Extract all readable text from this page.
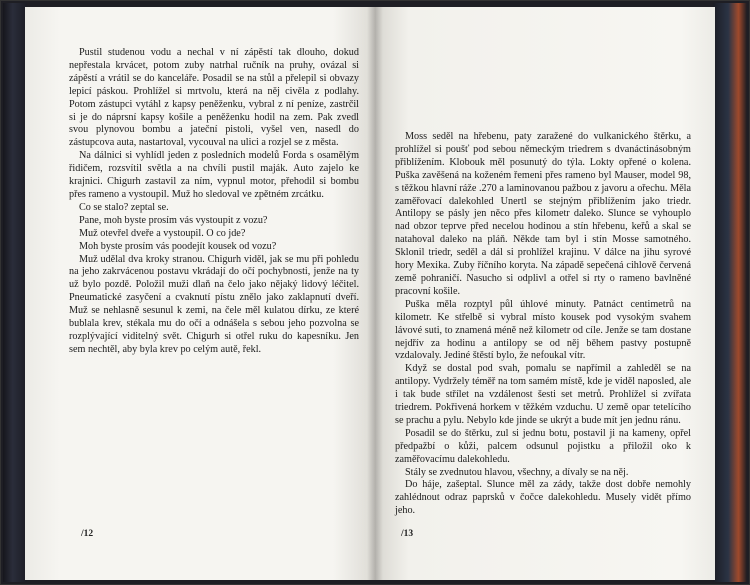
Pustil studenou vodu a nechal v ní zápěstí tak dlouho, dokud nepřestala krvácet, potom zuby natrhal ručník na pruhy, ovázal si zápěstí a vrátil se do kanceláře. Posadil se na stůl a přelepil si obvazy lepicí páskou. Prohlížel si mrtvolu, která na něj civěla z podlahy. Potom zástupci vytáhl z kapsy peněženku, vybral z ní peníze, zastrčil si je do náprsní kapsy košile a peněženku hodil na zem. Pak zvedl svou plynovou bombu a jateční pistoli, vyšel ven, nasedl do zástupcova auta, nastartoval, vycouval na ulici a rozjel se z města.

Na dálnici si vyhlídl jeden z posledních modelů Forda s osamělým řidičem, rozsvítil světla a na chvíli pustil maják. Auto zajelo ke krajnici. Chigurh zastavil za ním, vypnul motor, přehodil si bombu přes rameno a vystoupil. Muž ho sledoval ve zpětném zrcátku.

Co se stalo? zeptal se.

Pane, moh byste prosím vás vystoupit z vozu?

Muž otevřel dveře a vystoupil. O co jde?

Moh byste prosím vás poodejít kousek od vozu?

Muž udělal dva kroky stranou. Chigurh viděl, jak se mu při pohledu na jeho zakrvácenou postavu vkrádají do očí pochybnosti, jenže na ty už bylo pozdě. Položil muži dlaň na čelo jako nějaký lidový léčitel. Pneumatické zasyčení a cvaknutí pístu znělo jako zaklapnutí dveří. Muž se nehlasně sesunul k zemi, na čele měl kulatou dírku, ze které bublala krev, stékala mu do očí a odnášela s sebou jeho pozvolna se rozplývající viditelný svět. Chigurh si otřel ruku do kapesníku. Jen sem nechtěl, aby byla krev po celým autě, řekl.

/12

Moss seděl na hřebenu, paty zaražené do vulkanického štěrku, a prohlížel si poušť pod sebou německým triedrem s dvanáctinásobným přiblížením. Klobouk měl posunutý do týla. Lokty opřené o kolena. Puška zavěšená na koženém řemeni přes rameno byl Mauser, model 98, s těžkou hlavní ráže .270 a laminovanou pažbou z javoru a ořechu. Měla zaměřovací dalekohled Unertl se stejným přiblížením jako triedr. Antilopy se pásly jen něco přes kilometr daleko. Slunce se vyhouplo nad obzor teprve před necelou hodinou a stín hřebenu, keřů a skal se natahoval daleko na pláň. Někde tam byl i stín Mosse samotného. Sklonil triedr, seděl a dál si prohlížel krajinu. V dálce na jihu syrové hory Mexika. Zuby říčního koryta. Na západě sepečená cihlově červená země pohraničí. Nasucho si odplivl a otřel si rty o rameno bavlněné pracovní košile.

Puška měla rozptyl půl úhlové minuty. Patnáct centimetrů na kilometr. Ke střelbě si vybral místo kousek pod vysokým svahem lávové suti, to znamená méně než kilometr od cíle. Jenže se tam dostane nejdřív za hodinu a antilopy se od něj během pastvy postupně vzdalovaly. Jediné štěstí bylo, že nefoukal vítr.

Když se dostal pod svah, pomalu se napřímil a zahleděl se na antilopy. Vydržely téměř na tom samém místě, kde je viděl naposled, ale i tak bude střílet na vzdálenost šesti set metrů. Prohlížel si zvířata triedrem. Pokřivená horkem v těžkém vzduchu. U země opar tetelícího se prachu a pylu. Nebylo kde jinde se ukrýt a bude mít jen jednu ránu.

Posadil se do štěrku, zul si jednu botu, postavil ji na kameny, opřel předpažbí o kůži, palcem odsunul pojistku a přiložil oko k zaměřovacímu dalekohledu.

Stály se zvednutou hlavou, všechny, a dívaly se na něj.

Do háje, zašeptal. Slunce měl za zády, takže dost dobře nemohly zahlédnout odraz paprsků v čočce dalekohledu. Musely vidět přímo jeho.

/13
